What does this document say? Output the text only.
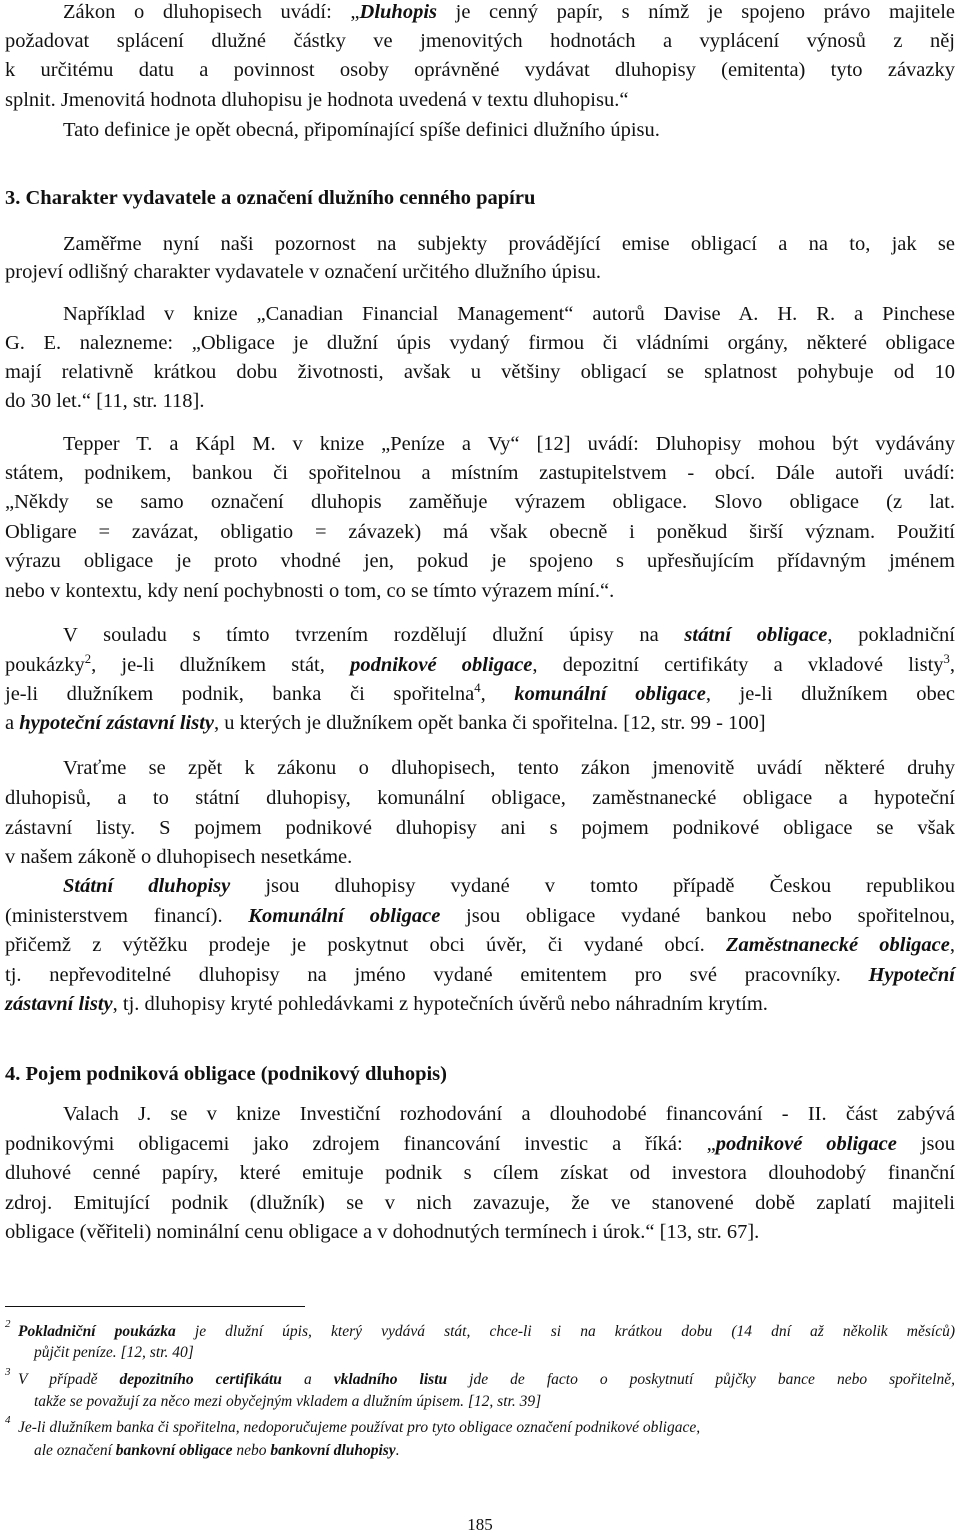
Zákon o dluhopisech uvádí: „Dluhopis je cenný papír, s nímž je spojeno právo majitele
požadovat splácení dlužné částky ve jmenovitých hodnotách a vyplácení výnosů z něj
k určitému datu a povinnost osoby oprávněné vydávat dluhopisy (emitenta) tyto závazky
splnit. Jmenovitá hodnota dluhopisu je hodnota uvedená v textu dluhopisu.“
Tato definice je opět obecná, připomínající spíše definici dlužního úpisu.
3. Charakter vydavatele a označení dlužního cenného papíru
Zaměřme nyní naši pozornost na subjekty provádějící emise obligací a na to, jak se
projeví odlišný charakter vydavatele v označení určitého dlužního úpisu.
Například v knize „Canadian Financial Management“ autorů Davise A. H. R. a Pinchese
G. E. nalezneme: „Obligace je dlužní úpis vydaný firmou či vládními orgány, některé obligace
mají relativně krátkou dobu životnosti, avšak u většiny obligací se splatnost pohybuje od 10
do 30 let.“ [11, str. 118].
Tepper T. a Kápl M. v knize „Peníze a Vy“ [12] uvádí: Dluhopisy mohou být vydávány
státem, podnikem, bankou či spořitelnou a místním zastupitelstvem - obcí. Dále autoři uvádí:
„Někdy se samo označení dluhopis zaměňuje výrazem obligace. Slovo obligace (z lat.
Obligare = zavázat, obligatio = závazek) má však obecně i poněkud širší význam. Použití
výrazu obligace je proto vhodné jen, pokud je spojeno s upřesňujícím přídavným jménem
nebo v kontextu, kdy není pochybnosti o tom, co se tímto výrazem míní.“.
V souladu s tímto tvrzením rozdělují dlužní úpisy na státní obligace, pokladniční
poukázky$^2$, je-li dlužníkem stát, podnikové obligace, depozitní certifikáty a vkladové listy$^3$,
je-li dlužníkem podnik, banka či spořitelna$^4$, komunální obligace, je-li dlužníkem obec
a hypoteční zástavní listy, u kterých je dlužníkem opět banka či spořitelna. [12, str. 99 - 100]
Vraťme se zpět k zákonu o dluhopisech, tento zákon jmenovitě uvádí některé druhy
dluhopisů, a to státní dluhopisy, komunální obligace, zaměstnanecké obligace a hypoteční
zástavní listy. S pojmem podnikové dluhopisy ani s pojmem podnikové obligace se však
v našem zákoně o dluhopisech nesetkáme.
Státní dluhopisy jsou dluhopisy vydané v tomto případě Českou republikou
(ministerstvem financí). Komunální obligace jsou obligace vydané bankou nebo spořitelnou,
přičemž z výtěžku prodeje je poskytnut obci úvěr, či vydané obcí. Zaměstnanecké obligace,
tj. nepřevoditelné dluhopisy na jméno vydané emitentem pro své pracovníky. Hypoteční
zástavní listy, tj. dluhopisy kryté pohledávkami z hypotečních úvěrů nebo náhradním krytím.
4. Pojem podniková obligace (podnikový dluhopis)
Valach J. se v knize Investiční rozhodování a dlouhodobé financování - II. část zabývá
podnikovými obligacemi jako zdrojem financování investic a říká: „podnikové obligace jsou
dluhové cenné papíry, které emituje podnik s cílem získat od investora dlouhodobý finanční
zdroj. Emitující podnik (dlužník) se v nich zavazuje, že ve stanovené době zaplatí majiteli
obligace (věřiteli) nominální cenu obligace a v dohodnutých termínech i úrok.“ [13, str. 67].
2 Pokladniční poukázka je dlužní úpis, který vydává stát, chce-li si na krátkou dobu (14 dní až několik měsíců)
půjčit peníze. [12, str. 40]
3 V případě depozitního certifikátu a vkladního listu jde de facto o poskytnutí půjčky bance nebo spořitelně,
takže se považují za něco mezi obyčejným vkladem a dlužním úpisem. [12, str. 39]
4 Je-li dlužníkem banka či spořitelna, nedoporučujeme používat pro tyto obligace označení podnikové obligace,
ale označení bankovní obligace nebo bankovní dluhopisy.
185
